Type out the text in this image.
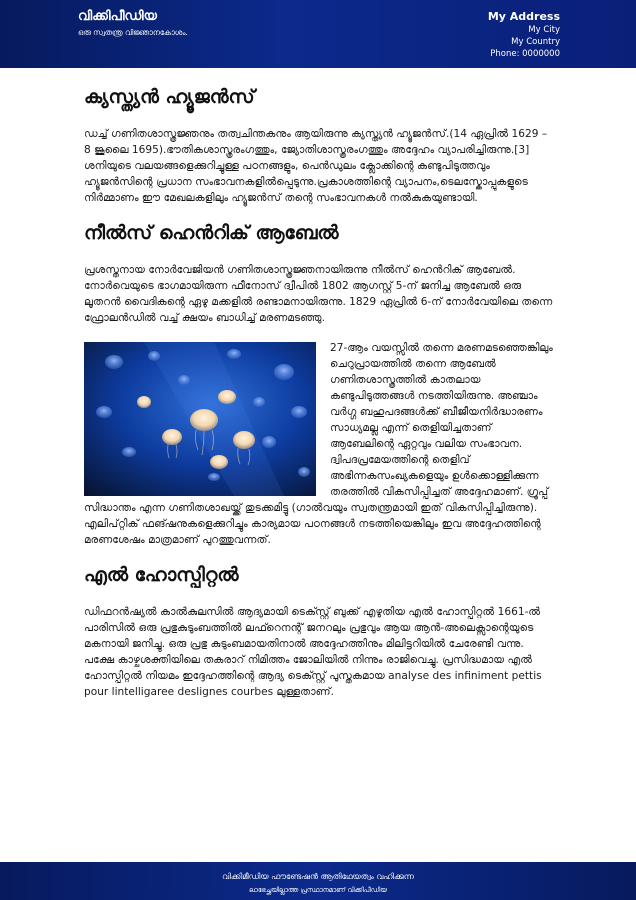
വിക്കിപീഡിയ
ഒരു സ്വതന്ത്ര വിജ്ഞാനകോശം.
My Address
My City
My Country
Phone: 0000000
ക്യസ്ത്യൻ ഹ്യൂജൻസ്

ഡച്ച് ഗണിതശാസ്ത്രജ്ഞനും തത്വചിന്തകനും ആയിരുന്നു ക്യസ്ത്യൻ ഹ്യൂജൻസ്.(14 ഏപ്രിൽ 1629 – 8 ജൂലൈ 1695).ഭൗതികശാസ്ത്രരംഗത്തും, ജ്യോതിശാസ്ത്രരംഗത്തും അദ്ദേഹം വ്യാപരിച്ചിരുന്നു.[3] ശനിയുടെ വലയങ്ങളെക്കുറിച്ചുള്ള പഠനങ്ങളും, പെൻഡുലം ക്ലോക്കിന്റെ കണ്ടുപിടുത്തവും ഹ്യൂജൻസിന്റെ പ്രധാന സംഭാവനകളിൽപ്പെടുന്നു.പ്രകാശത്തിന്റെ വ്യാപനം,ടെലസ്കോപ്പുകളുടെ നിർമ്മാണം ഈ മേഖലകളിലും ഹ്യൂജൻസ് തന്റെ സംഭാവനകൾ നൽകുകയുണ്ടായി.

നീൽസ് ഹെൻറിക് ആബേൽ

പ്രശസ്തനായ നോർവേജിയൻ ഗണിതശാസ്ത്രജ്ഞനായിരുന്നു നീൽസ് ഹെൻറിക് ആബേൽ. നോർവെയുടെ ഭാഗമായിരുന്ന ഫീനോസ് ദ്വീപിൽ 1802 ആഗസ്റ്റ് 5-ന് ജനിച്ച ആബേൽ ഒരു ലൂതറൻ വൈദികന്റെ ഏഴു മക്കളിൽ രണ്ടാമനായിരുന്നു. 1829 ഏപ്രിൽ 6-ന് നോർവേയിലെ തന്നെ ഫ്രോലൻഡിൽ വച്ച് ക്ഷയം ബാധിച്ച് മരണമടഞ്ഞു.

27-ആം വയസ്സിൽ തന്നെ മരണമടഞ്ഞെങ്കിലും ചെറുപ്രായത്തിൽ തന്നെ ആബേൽ ഗണിതശാസ്ത്രത്തിൽ കാതലായ കണ്ടുപിടുത്തങ്ങൾ നടത്തിയിരുന്നു. അഞ്ചാം വർഗ്ഗ ബഹുപദങ്ങൾക്ക് ബീജീയനിർദ്ധാരണം സാധ്യമല്ല എന്ന് തെളിയിച്ചതാണ് ആബേലിന്റെ ഏറ്റവും വലിയ സംഭാവന. ദ്വിപദപ്രമേയത്തിന്റെ തെളിവ് അഭിന്നകസംഖ്യകളെയും ഉൾക്കൊള്ളിക്കുന്ന തരത്തിൽ വികസിപ്പിച്ചത് അദ്ദേഹമാണ്. ഗ്രൂപ്പ് സിദ്ധാന്തം എന്ന ഗണിതശാഖയ്ക്ക് തുടക്കമിട്ടു (ഗാൽവയും സ്വതന്ത്രമായി ഇത് വികസിപ്പിച്ചിരുന്നു). എലിപ്റ്റിക് ഫങ്ഷനുകളെക്കുറിച്ചും കാര്യമായ പഠനങ്ങൾ നടത്തിയെങ്കിലും ഇവ അദ്ദേഹത്തിന്റെ മരണശേഷം മാത്രമാണ് പുറത്തുവന്നത്.

എൽ ഹോസ്പിറ്റൽ

ഡിഫറൻഷ്യൽ കാൽകുലസിൽ ആദ്യമായി ടെക്സ്റ്റ് ബുക്ക് എഴുതിയ എൽ ഹോസ്പിറ്റൽ 1661-ൽ പാരിസിൽ ഒരു പ്രഭുകുടുംബത്തിൽ ലഫ്റെനന്റ് ജനറലും പ്രഭുവും ആയ ആൻ-അലെക്സാന്റെയുടെ മകനായി ജനിച്ചു. ഒരു പ്രഭു കുടുംബമായതിനാൽ അദ്ദേഹത്തിനും മിലിട്ടറിയിൽ ചേരേണ്ടി വന്നു. പക്ഷേ കാഴ്ചശക്തിയിലെ തകരാറ് നിമിത്തം ജോലിയിൽ നിന്നും രാജിവെച്ചു. പ്രസിദ്ധമായ എൽ ഹോസ്പിറ്റൽ നിയമം ഇദ്ദേഹത്തിന്റെ ആദ്യ ടെക്സ്റ്റ് പുസ്തകമായ analyse des infiniment pettis pour lintelligaree deslignes courbes ലുള്ളതാണ്.

വിക്കിമീഡിയ ഫൗണ്ടേഷൻ ആതിഥേയത്വം വഹിക്കുന്ന
ലാഭേച്ഛയില്ലാത്ത പ്രസ്ഥാനമാണ് വിക്കിപീഡിയ
